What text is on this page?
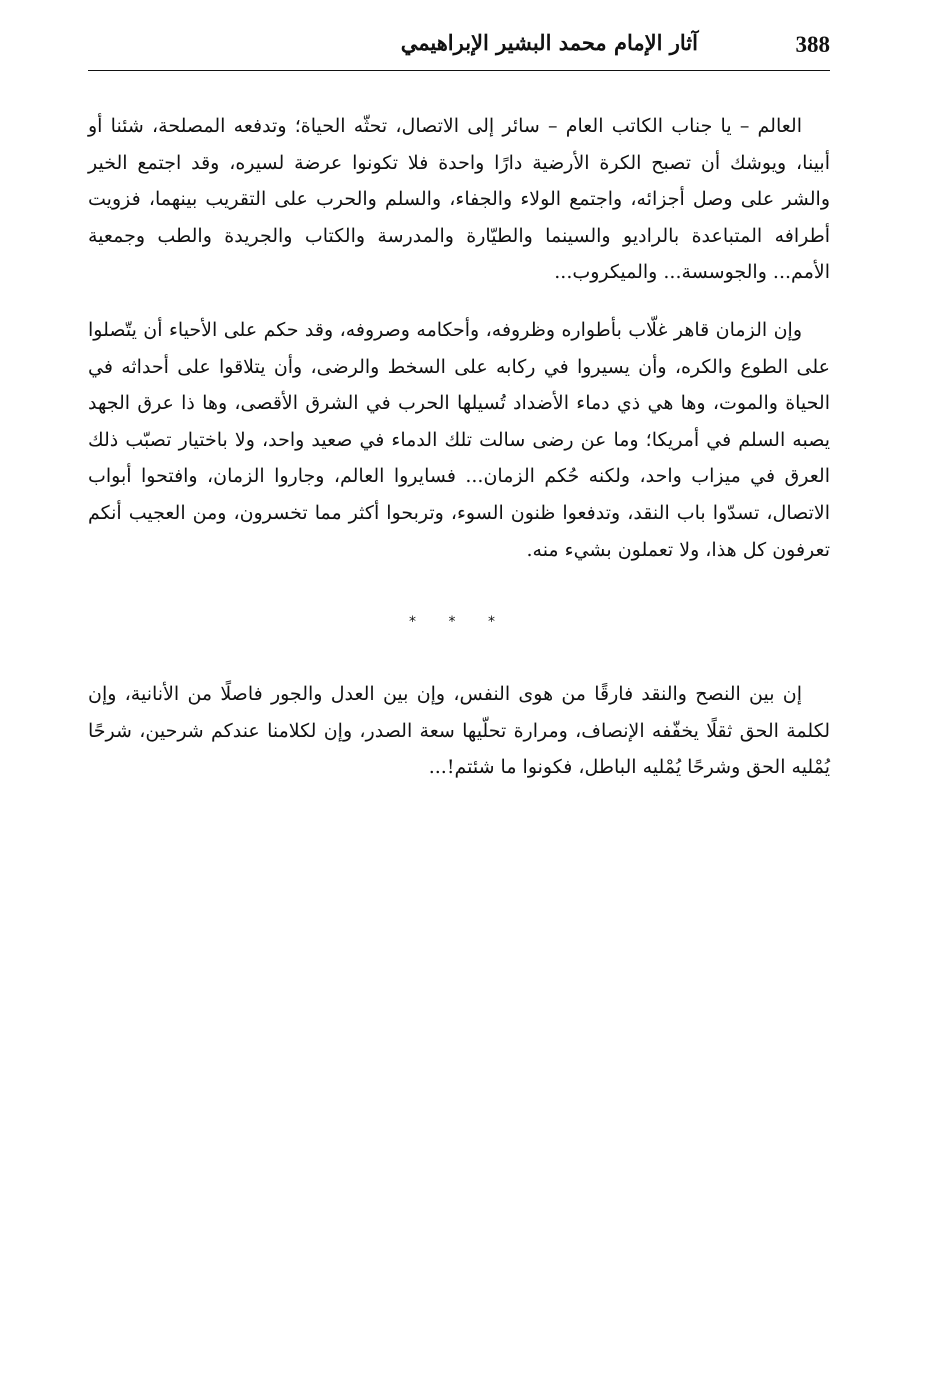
388
آثار الإمام محمد البشير الإبراهيمي

العالم – يا جناب الكاتب العام – سائر إلى الاتصال، تحثّه الحياة؛ وتدفعه المصلحة، شئنا أو أبينا، ويوشك أن تصبح الكرة الأرضية دارًا واحدة فلا تكونوا عرضة لسيره، وقد اجتمع الخير والشر على وصل أجزائه، واجتمع الولاء والجفاء، والسلم والحرب على التقريب بينهما، فزويت أطرافه المتباعدة بالراديو والسينما والطيّارة والمدرسة والكتاب والجريدة والطب وجمعية الأمم... والجوسسة... والميكروب...

وإن الزمان قاهر غلّاب بأطواره وظروفه، وأحكامه وصروفه، وقد حكم على الأحياء أن يتّصلوا على الطوع والكره، وأن يسيروا في ركابه على السخط والرضى، وأن يتلاقوا على أحداثه في الحياة والموت، وها هي ذي دماء الأضداد تُسيلها الحرب في الشرق الأقصى، وها ذا عرق الجهد يصبه السلم في أمريكا؛ وما عن رضى سالت تلك الدماء في صعيد واحد، ولا باختيار تصبّب ذلك العرق في ميزاب واحد، ولكنه حُكم الزمان... فسايروا العالم، وجاروا الزمان، وافتحوا أبواب الاتصال، تسدّوا باب النقد، وتدفعوا ظنون السوء، وتربحوا أكثر مما تخسرون، ومن العجيب أنكم تعرفون كل هذا، ولا تعملون بشيء منه.

* * *

إن بين النصح والنقد فارقًا من هوى النفس، وإن بين العدل والجور فاصلًا من الأنانية، وإن لكلمة الحق ثقلًا يخفّفه الإنصاف، ومرارة تحلّيها سعة الصدر، وإن لكلامنا عندكم شرحين، شرحًا يُمْليه الحق وشرحًا يُمْليه الباطل، فكونوا ما شئتم!...
